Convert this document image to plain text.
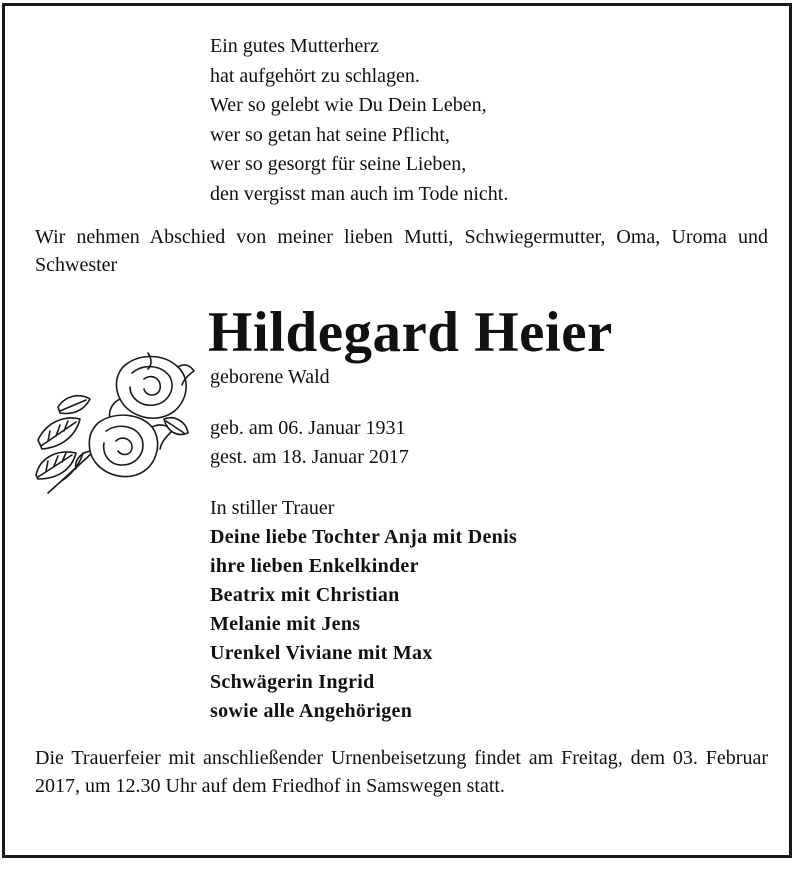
Ein gutes Mutterherz
hat aufgehört zu schlagen.
Wer so gelebt wie Du Dein Leben,
wer so getan hat seine Pflicht,
wer so gesorgt für seine Lieben,
den vergisst man auch im Tode nicht.
Wir nehmen Abschied von meiner lieben Mutti, Schwiegermutter, Oma, Uroma und Schwester
Hildegard Heier
geborene Wald
geb. am 06. Januar 1931
gest. am 18. Januar 2017
In stiller Trauer
Deine liebe Tochter Anja mit Denis
ihre lieben Enkelkinder
Beatrix mit Christian
Melanie mit Jens
Urenkel Viviane mit Max
Schwägerin Ingrid
sowie alle Angehörigen
Die Trauerfeier mit anschließender Urnenbeisetzung findet am Freitag, dem 03. Februar 2017, um 12.30 Uhr auf dem Friedhof in Samswegen statt.
